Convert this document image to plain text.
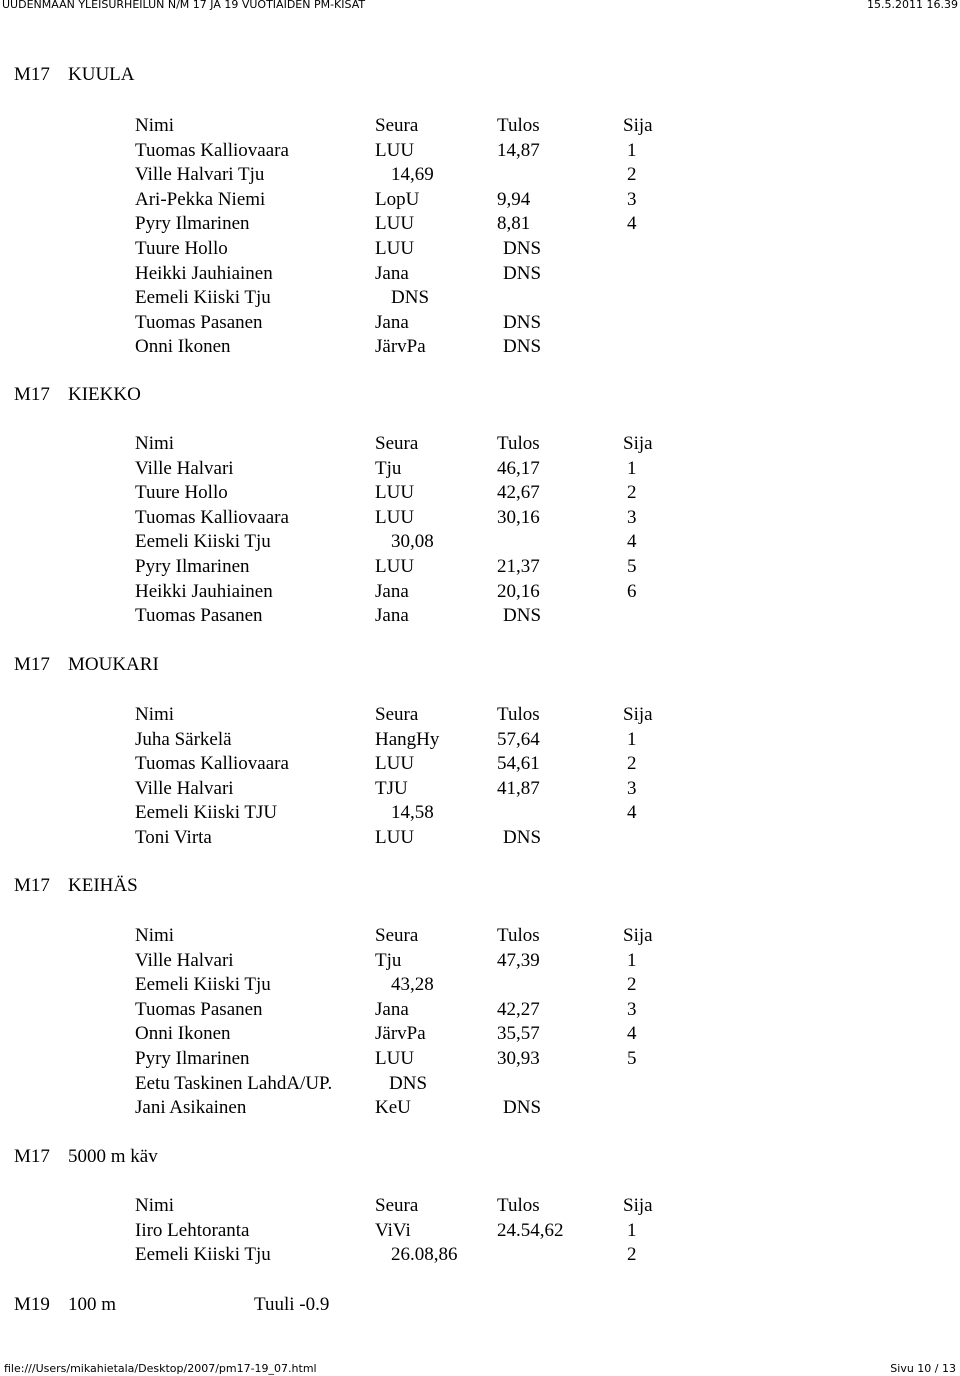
UUDENMAAN YLEISURHEILUN N/M 17 JA 19 VUOTIAIDEN PM-KISAT	15.5.2011 16.39
M17 KUULA
Nimi	Seura	Tulos	Sija
Tuomas Kalliovaara	LUU	14,87	1
Ville Halvari Tju	14,69	2
Ari-Pekka Niemi	LopU	9,94	3
Pyry Ilmarinen	LUU	8,81	4
Tuure Hollo	LUU	DNS
Heikki Jauhiainen	Jana	DNS
Eemeli Kiiski Tju	DNS
Tuomas Pasanen	Jana	DNS
Onni Ikonen	JärvPa	DNS
M17 KIEKKO
Nimi	Seura	Tulos	Sija
Ville Halvari	Tju	46,17	1
Tuure Hollo	LUU	42,67	2
Tuomas Kalliovaara	LUU	30,16	3
Eemeli Kiiski Tju	30,08	4
Pyry Ilmarinen	LUU	21,37	5
Heikki Jauhiainen	Jana	20,16	6
Tuomas Pasanen	Jana	DNS
M17 MOUKARI
Nimi	Seura	Tulos	Sija
Juha Särkelä	HangHy	57,64	1
Tuomas Kalliovaara	LUU	54,61	2
Ville Halvari	TJU	41,87	3
Eemeli Kiiski TJU	14,58	4
Toni Virta	LUU	DNS
M17 KEIHÄS
Nimi	Seura	Tulos	Sija
Ville Halvari	Tju	47,39	1
Eemeli Kiiski Tju	43,28	2
Tuomas Pasanen	Jana	42,27	3
Onni Ikonen	JärvPa	35,57	4
Pyry Ilmarinen	LUU	30,93	5
Eetu Taskinen LahdA/UP.	DNS
Jani Asikainen	KeU	DNS
M17 5000 m käv
Nimi	Seura	Tulos	Sija
Iiro Lehtoranta	ViVi	24.54,62	1
Eemeli Kiiski Tju	26.08,86	2
M19 100 m	Tuuli -0.9
file:///Users/mikahietala/Desktop/2007/pm17-19_07.html	Sivu 10 / 13
